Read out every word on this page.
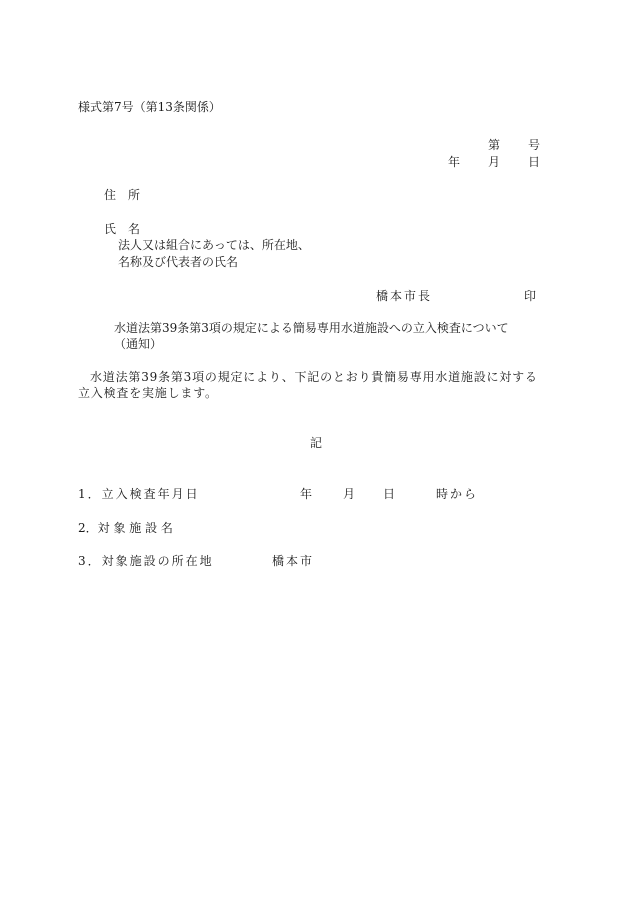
様式第7号（第13条関係）
第 号
年 月 日
住　所
氏　名
法人又は組合にあっては、所在地、
名称及び代表者の氏名
橋本市長	印
水道法第39条第3項の規定による簡易専用水道施設への立入検査について
（通知）
水道法第39条第3項の規定により、下記のとおり貴簡易専用水道施設に対する
立入検査を実施します。
記
1．立入検査年月日	年	月 日	時から
2．対 象 施 設 名
3．対象施設の所在地	橋本市
